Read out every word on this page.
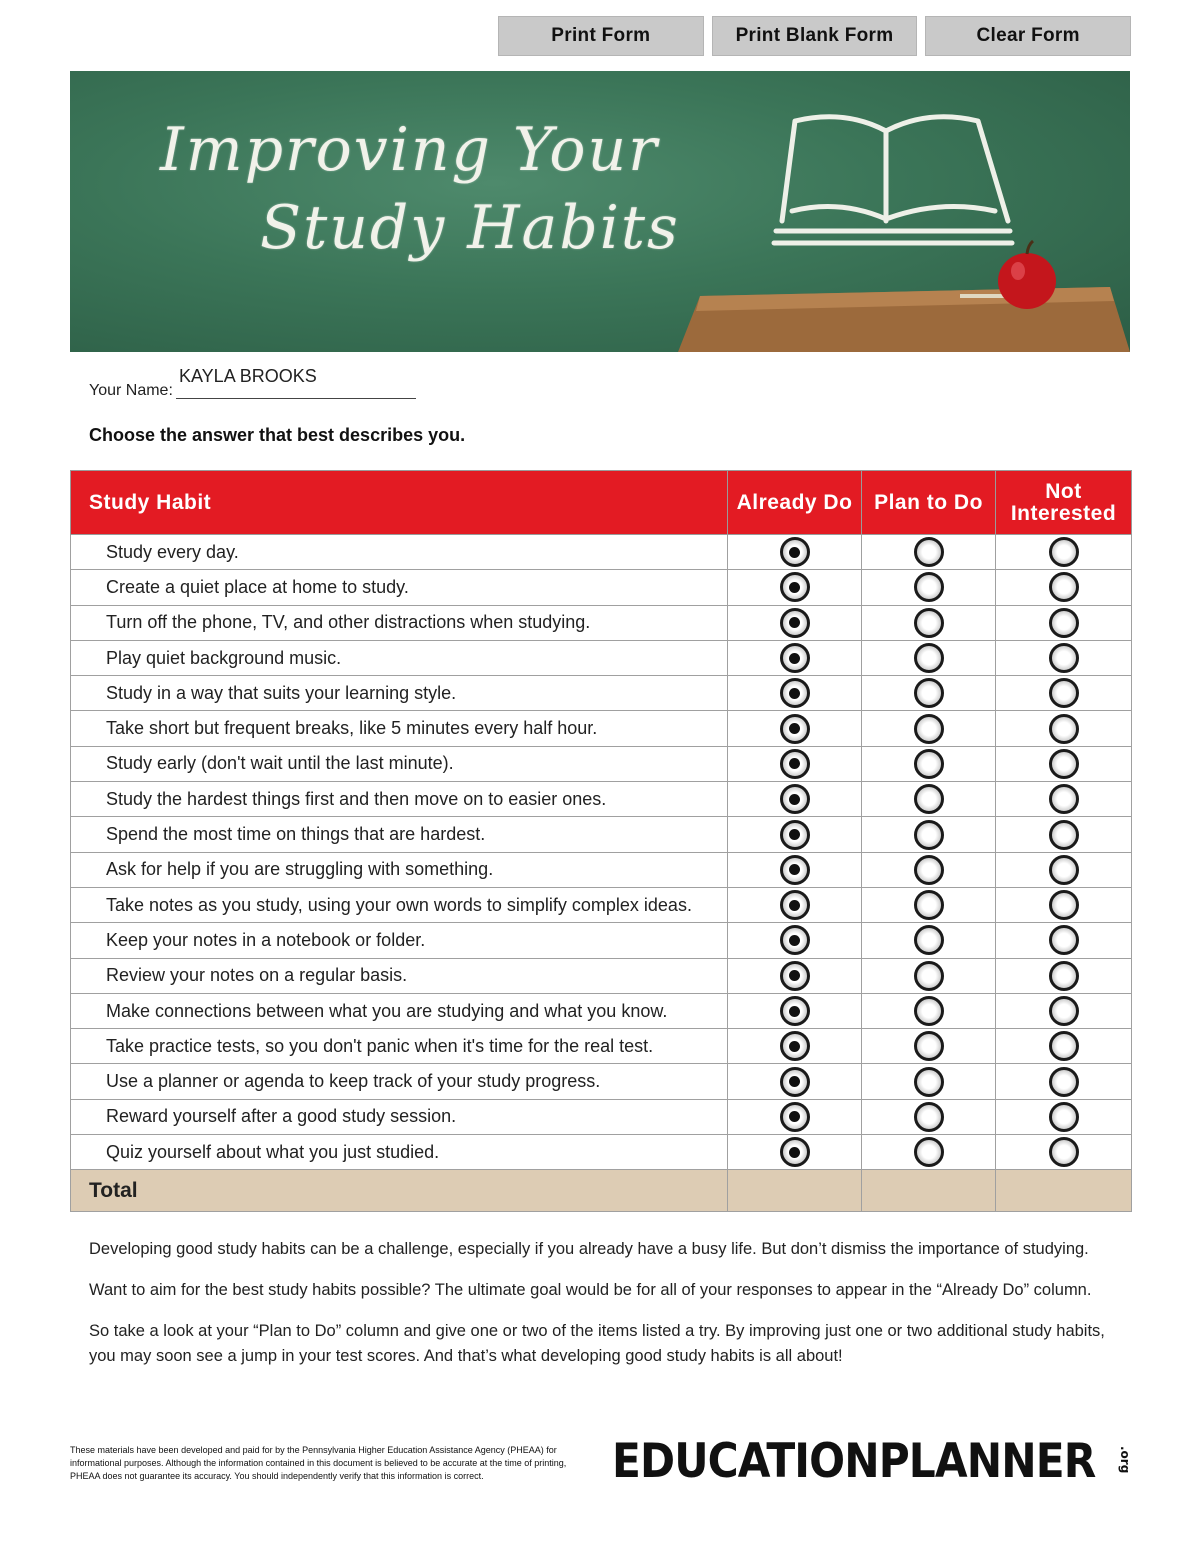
Print Form	Print Blank Form	Clear Form
Improving Your
Study Habits
Your Name:
KAYLA BROOKS
Choose the answer that best describes you.
Study Habit	Already Do	Plan to Do	Not Interested
Study every day.			
Create a quiet place at home to study.			
Turn off the phone, TV, and other distractions when studying.			
Play quiet background music.			
Study in a way that suits your learning style.			
Take short but frequent breaks, like 5 minutes every half hour.			
Study early (don't wait until the last minute).			
Study the hardest things first and then move on to easier ones.			
Spend the most time on things that are hardest.			
Ask for help if you are struggling with something.			
Take notes as you study, using your own words to simplify complex ideas.			
Keep your notes in a notebook or folder.			
Review your notes on a regular basis.			
Make connections between what you are studying and what you know.			
Take practice tests, so you don't panic when it's time for the real test.			
Use a planner or agenda to keep track of your study progress.			
Reward yourself after a good study session.			
Quiz yourself about what you just studied.			
Total			

Developing good study habits can be a challenge, especially if you already have a busy life. But don’t dismiss the importance of studying.

Want to aim for the best study habits possible? The ultimate goal would be for all of your responses to appear in the “Already Do” column.

So take a look at your “Plan to Do” column and give one or two of the items listed a try. By improving just one or two additional study habits, you may soon see a jump in your test scores. And that’s what developing good study habits is all about!

These materials have been developed and paid for by the Pennsylvania Higher Education Assistance Agency (PHEAA) for informational purposes. Although the information contained in this document is believed to be accurate at the time of printing, PHEAA does not guarantee its accuracy. You should independently verify that this information is correct.	EDUCATIONPLANNER .org
